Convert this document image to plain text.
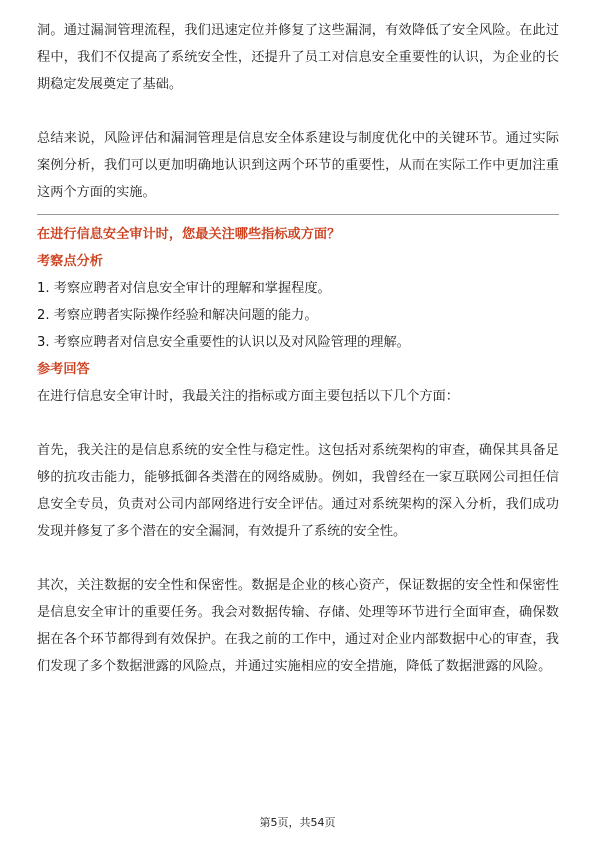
洞。通过漏洞管理流程，我们迅速定位并修复了这些漏洞，有效降低了安全风险。在此过程中，我们不仅提高了系统安全性，还提升了员工对信息安全重要性的认识，为企业的长期稳定发展奠定了基础。

总结来说，风险评估和漏洞管理是信息安全体系建设与制度优化中的关键环节。通过实际案例分析，我们可以更加明确地认识到这两个环节的重要性，从而在实际工作中更加注重这两个方面的实施。

在进行信息安全审计时，您最关注哪些指标或方面？

考察点分析

1. 考察应聘者对信息安全审计的理解和掌握程度。

2. 考察应聘者实际操作经验和解决问题的能力。

3. 考察应聘者对信息安全重要性的认识以及对风险管理的理解。

参考回答

在进行信息安全审计时，我最关注的指标或方面主要包括以下几个方面：

首先，我关注的是信息系统的安全性与稳定性。这包括对系统架构的审查，确保其具备足够的抗攻击能力，能够抵御各类潜在的网络威胁。例如，我曾经在一家互联网公司担任信息安全专员，负责对公司内部网络进行安全评估。通过对系统架构的深入分析，我们成功发现并修复了多个潜在的安全漏洞，有效提升了系统的安全性。

其次，关注数据的安全性和保密性。数据是企业的核心资产，保证数据的安全性和保密性是信息安全审计的重要任务。我会对数据传输、存储、处理等环节进行全面审查，确保数据在各个环节都得到有效保护。在我之前的工作中，通过对企业内部数据中心的审查，我们发现了多个数据泄露的风险点，并通过实施相应的安全措施，降低了数据泄露的风险。

第5页，共54页
